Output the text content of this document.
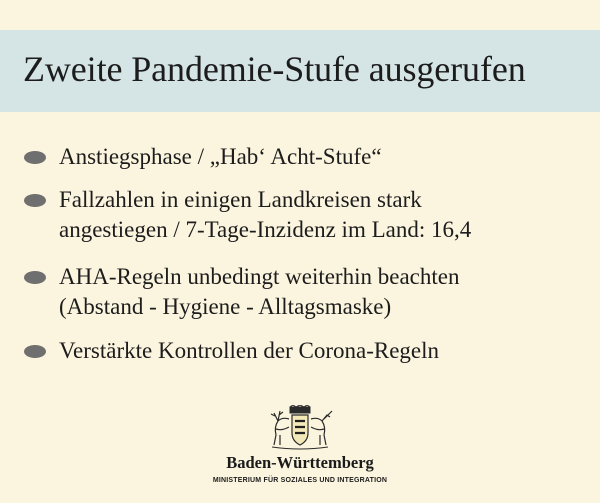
Zweite Pandemie-Stufe ausgerufen
Anstiegsphase / „Hab‘ Acht-Stufe“
Fallzahlen in einigen Landkreisen stark
angestiegen / 7-Tage-Inzidenz im Land: 16,4
AHA-Regeln unbedingt weiterhin beachten
(Abstand - Hygiene - Alltagsmaske)
Verstärkte Kontrollen der Corona-Regeln
Baden-Württemberg
MINISTERIUM FÜR SOZIALES UND INTEGRATION
